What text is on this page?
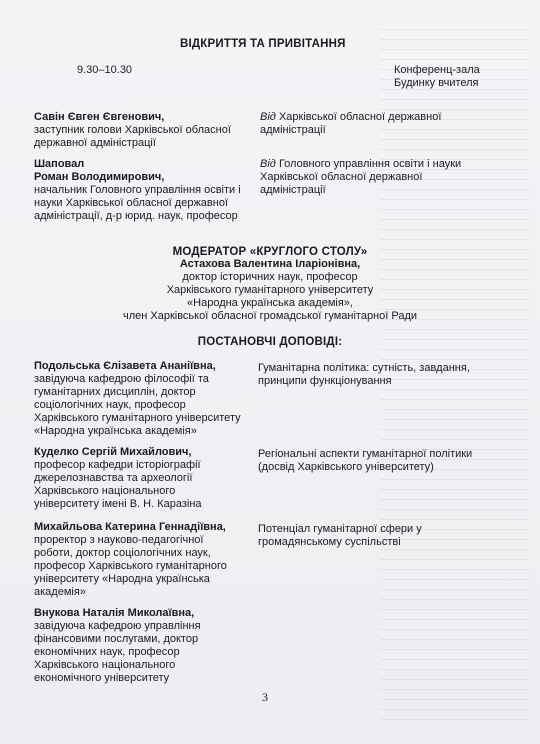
ВІДКРИТТЯ ТА ПРИВІТАННЯ
9.30–10.30	Конференц-зала
Будинку вчителя
Савін Євген Євгенович,
заступник голови Харківської обласної
державної адміністрації
Від Харківської обласної державної
адміністрації
Шаповал
Роман Володимирович,
начальник Головного управління освіти і
науки Харківської обласної державної
адміністрації, д-р юрид. наук, професор
Від Головного управління освіти і науки
Харківської обласної державної
адміністрації
МОДЕРАТОР «КРУГЛОГО СТОЛУ»
Астахова Валентина Іларіонівна,
доктор історичних наук, професор
Харківського гуманітарного університету
«Народна українська академія»,
член Харківської обласної громадської гуманітарної Ради
ПОСТАНОВЧІ ДОПОВІДІ:
Подольська Єлізавета Ананіївна,
завідуюча кафедрою філософії та
гуманітарних дисциплін, доктор
соціологічних наук, професор
Харківського гуманітарного університету
«Народна українська академія»
Гуманітарна політика: сутність, завдання,
принципи функціонування
Куделко Сергій Михайлович,
професор кафедри історіографії
джерелознавства та археології
Харківського національного
університету імені В. Н. Каразіна
Регіональні аспекти гуманітарної політики
(досвід Харківського університету)
Михайльова Катерина Геннадіївна,
проректор з науково-педагогічної
роботи, доктор соціологічних наук,
професор Харківського гуманітарного
університету «Народна українська
академія»
Потенціал гуманітарної сфери у
громадянському суспільстві
Внукова Наталія Миколаївна,
завідуюча кафедрою управління
фінансовими послугами, доктор
економічних наук, професор
Харківського національного
економічного університету
3
